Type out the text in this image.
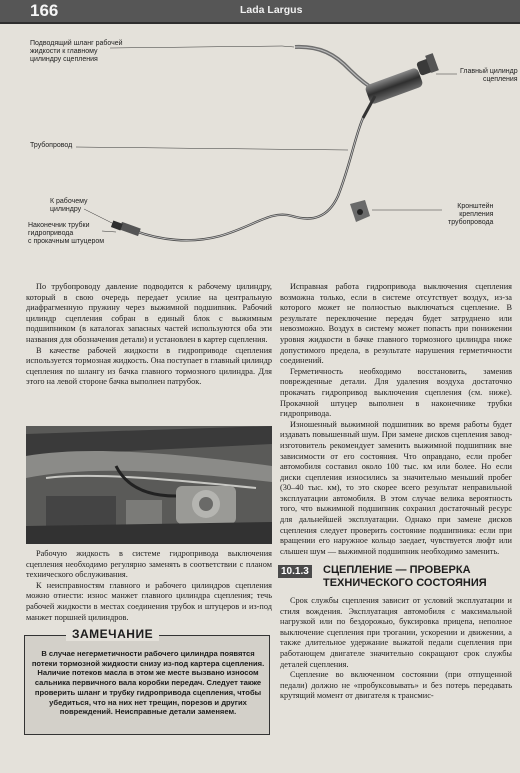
166	Lada Largus
Подводящий шланг рабочей
жидкости к главному
цилиндру сцепления
Главный цилиндр
сцепления
Трубопровод
К рабочему
цилиндру
Наконечник трубки
гидропривода
с прокачным штуцером
Кронштейн
крепления
трубопровода

По трубопроводу давление подводится к рабочему цилиндру, который в свою очередь передает усилие на центральную диафрагменную пружину через выжимной подшипник. Рабочий цилиндр сцепления собран в единый блок с выжимным подшипником (в каталогах запасных частей используются оба эти названия для обозначения детали) и установлен в картер сцепления.

В качестве рабочей жидкости в гидроприводе сцепления используется тормозная жидкость. Она поступает в главный цилиндр сцепления по шлангу из бачка главного тормозного цилиндра. Для этого на левой стороне бачка выполнен патрубок.

Рабочую жидкость в системе гидропривода выключения сцепления необходимо регулярно заменять в соответствии с планом технического обслуживания.

К неисправностям главного и рабочего цилиндров сцепления можно отнести: износ манжет главного цилиндра сцепления; течь рабочей жидкости в местах соединения трубок и штуцеров и из-под манжет поршней цилиндров.

ЗАМЕЧАНИЕ
В случае негерметичности рабочего цилиндра появятся потеки тормозной жидкости снизу из-под картера сцепления. Наличие потеков масла в этом же месте вызвано износом сальника первичного вала коробки передач. Следует также проверить шланг и трубку гидропривода сцепления, чтобы убедиться, что на них нет трещин, порезов и других повреждений. Неисправные детали заменяем.

Исправная работа гидропривода выключения сцепления возможна только, если в системе отсутствует воздух, из-за которого может не полностью выключаться сцепление. В результате переключение передач будет затруднено или невозможно. Воздух в систему может попасть при понижении уровня жидкости в бачке главного тормозного цилиндра ниже допустимого предела, в результате нарушения герметичности соединений.

Герметичность необходимо восстановить, заменив поврежденные детали. Для удаления воздуха достаточно прокачать гидропривод выключения сцепления (см. ниже). Прокачной штуцер выполнен в наконечнике трубки гидропривода.

Изношенный выжимной подшипник во время работы будет издавать повышенный шум. При замене дисков сцепления завод-изготовитель рекомендует заменить выжимной подшипник вне зависимости от его состояния. Что оправдано, если пробег автомобиля составил около 100 тыс. км или более. Но если диски сцепления износились за значительно меньший пробег (30–40 тыс. км), то это скорее всего результат неправильной эксплуатации автомобиля. В этом случае велика вероятность того, что выжимной подшипник сохранил достаточный ресурс для дальнейшей эксплуатации. Однако при замене дисков сцепления следует проверить состояние подшипника: если при вращении его наружное кольцо заедает, чувствуется люфт или слышен шум — выжимной подшипник необходимо заменить.

10.1.3 СЦЕПЛЕНИЕ — ПРОВЕРКА ТЕХНИЧЕСКОГО СОСТОЯНИЯ

Срок службы сцепления зависит от условий эксплуатации и стиля вождения. Эксплуатация автомобиля с максимальной нагрузкой или по бездорожью, буксировка прицепа, неполное выключение сцепления при трогании, ускорении и движении, а также длительное удержание выжатой педали сцепления при работающем двигателе значительно сокращают срок службы деталей сцепления.

Сцепление во включенном состоянии (при отпущенной педали) должно не «пробуксовывать» и без потерь передавать крутящий момент от двигателя к трансмис-
